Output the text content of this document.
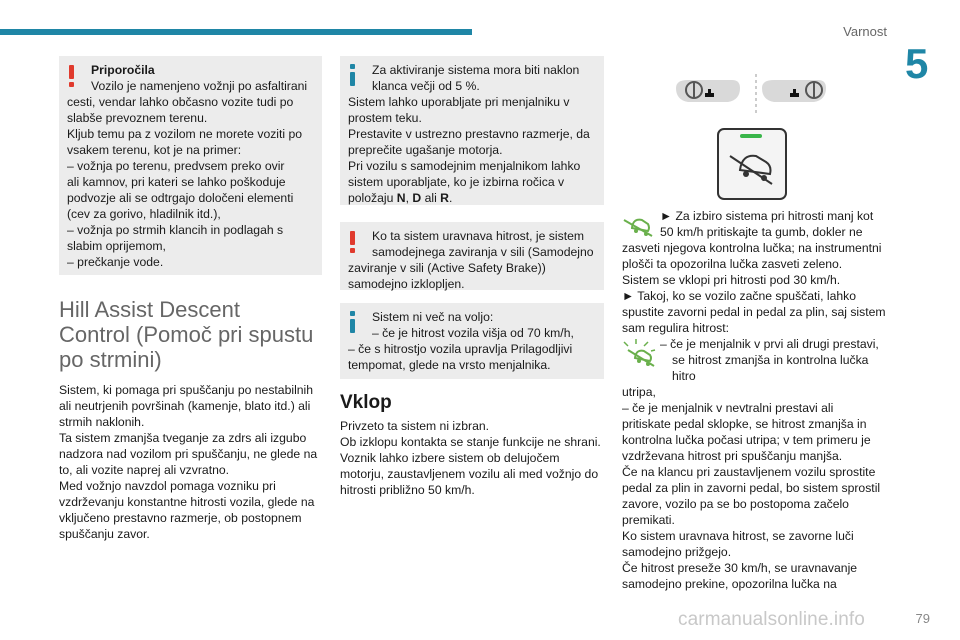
Varnost
5

Priporočila

Vozilo je namenjeno vožnji po asfaltirani

cesti, vendar lahko občasno vozite tudi po

slabše prevoznem terenu.

Kljub temu pa z vozilom ne morete voziti po

vsakem terenu, kot je na primer:

– vožnja po terenu, predvsem preko ovir

ali kamnov, pri kateri se lahko poškoduje

podvozje ali se odtrgajo določeni elementi

(cev za gorivo, hladilnik itd.),

– vožnja po strmih klancih in podlagah s

slabim oprijemom,

– prečkanje vode.

Hill Assist Descent
Control (Pomoč pri spustu
po strmini)

Sistem, ki pomaga pri spuščanju po nestabilnih

ali neutrjenih površinah (kamenje, blato itd.) ali

strmih naklonih.

Ta sistem zmanjša tveganje za zdrs ali izgubo

nadzora nad vozilom pri spuščanju, ne glede na

to, ali vozite naprej ali vzvratno.

Med vožnjo navzdol pomaga vozniku pri

vzdrževanju konstantne hitrosti vozila, glede na

vključeno prestavno razmerje, ob postopnem

spuščanju zavor.

Za aktiviranje sistema mora biti naklon

klanca večji od 5 %.

Sistem lahko uporabljate pri menjalniku v

prostem teku.

Prestavite v ustrezno prestavno razmerje, da

preprečite ugašanje motorja.

Pri vozilu s samodejnim menjalnikom lahko

sistem uporabljate, ko je izbirna ročica v

položaju N, D ali R.

Ko ta sistem uravnava hitrost, je sistem

samodejnega zaviranja v sili (Samodejno

zaviranje v sili (Active Safety Brake))

samodejno izklopljen.

Sistem ni več na voljo:

– če je hitrost vozila višja od 70 km/h,

– če s hitrostjo vozila upravlja Prilagodljivi

tempomat, glede na vrsto menjalnika.

Vklop

Privzeto ta sistem ni izbran.

Ob izklopu kontakta se stanje funkcije ne shrani.

Voznik lahko izbere sistem ob delujočem

motorju, zaustavljenem vozilu ali med vožnjo do

hitrosti približno 50 km/h.

► Za izbiro sistema pri hitrosti manj kot

50 km/h pritiskajte ta gumb, dokler ne

zasveti njegova kontrolna lučka; na instrumentni

plošči ta opozorilna lučka zasveti zeleno.

Sistem se vklopi pri hitrosti pod 30 km/h.

► Takoj, ko se vozilo začne spuščati, lahko

spustite zavorni pedal in pedal za plin, saj sistem

sam regulira hitrost:

– če je menjalnik v prvi ali drugi prestavi,

se hitrost zmanjša in kontrolna lučka hitro

utripa,

– če je menjalnik v nevtralni prestavi ali

pritiskate pedal sklopke, se hitrost zmanjša in

kontrolna lučka počasi utripa; v tem primeru je

vzdrževana hitrost pri spuščanju manjša.

Če na klancu pri zaustavljenem vozilu sprostite

pedal za plin in zavorni pedal, bo sistem sprostil

zavore, vozilo pa se bo postopoma začelo

premikati.

Ko sistem uravnava hitrost, se zavorne luči

samodejno prižgejo.

Če hitrost preseže 30 km/h, se uravnavanje

samodejno prekine, opozorilna lučka na

carmanualsonline.info	79
